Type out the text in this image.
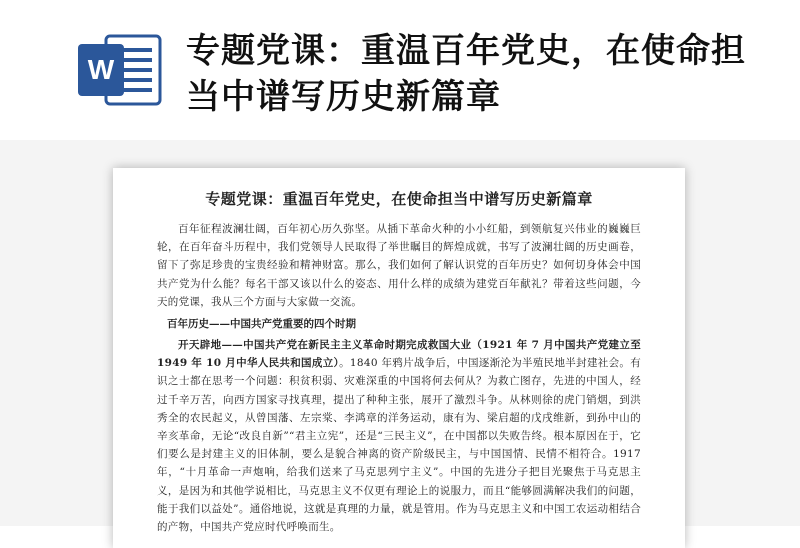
W 专题党课：重温百年党史，在使命担当中谱写历史新篇章

专题党课：重温百年党史，在使命担当中谱写历史新篇章

百年征程波澜壮阔，百年初心历久弥坚。从插下革命火种的小小红船，到领航复兴伟业的巍巍巨轮，在百年奋斗历程中，我们党领导人民取得了举世瞩目的辉煌成就，书写了波澜壮阔的历史画卷，留下了弥足珍贵的宝贵经验和精神财富。那么，我们如何了解认识党的百年历史？如何切身体会中国共产党为什么能？每名干部又该以什么的姿态、用什么样的成绩为建党百年献礼？带着这些问题，今天的党课，我从三个方面与大家做一交流。

百年历史——中国共产党重要的四个时期

开天辟地——中国共产党在新民主主义革命时期完成救国大业（1921 年 7 月中国共产党建立至 1949 年 10 月中华人民共和国成立）。1840 年鸦片战争后，中国逐渐沦为半殖民地半封建社会。有识之士都在思考一个问题：积贫积弱、灾难深重的中国将何去何从？为救亡图存，先进的中国人，经过千辛万苦，向西方国家寻找真理，提出了种种主张，展开了激烈斗争。从林则徐的虎门销烟，到洪秀全的农民起义，从曾国藩、左宗棠、李鸿章的洋务运动，康有为、梁启超的戊戌维新，到孙中山的辛亥革命，无论“改良自新”“君主立宪”，还是“三民主义”，在中国都以失败告终。根本原因在于，它们要么是封建主义的旧体制，要么是貌合神离的资产阶级民主，与中国国情、民情不相符合。1917 年，“十月革命一声炮响，给我们送来了马克思列宁主义”。中国的先进分子把目光聚焦于马克思主义，是因为和其他学说相比，马克思主义不仅更有理论上的说服力，而且“能够圆满解决我们的问题，能于我们以益处”。通俗地说，这就是真理的力量，就是管用。作为马克思主义和中国工农运动相结合的产物，中国共产党应时代呼唤而生。
